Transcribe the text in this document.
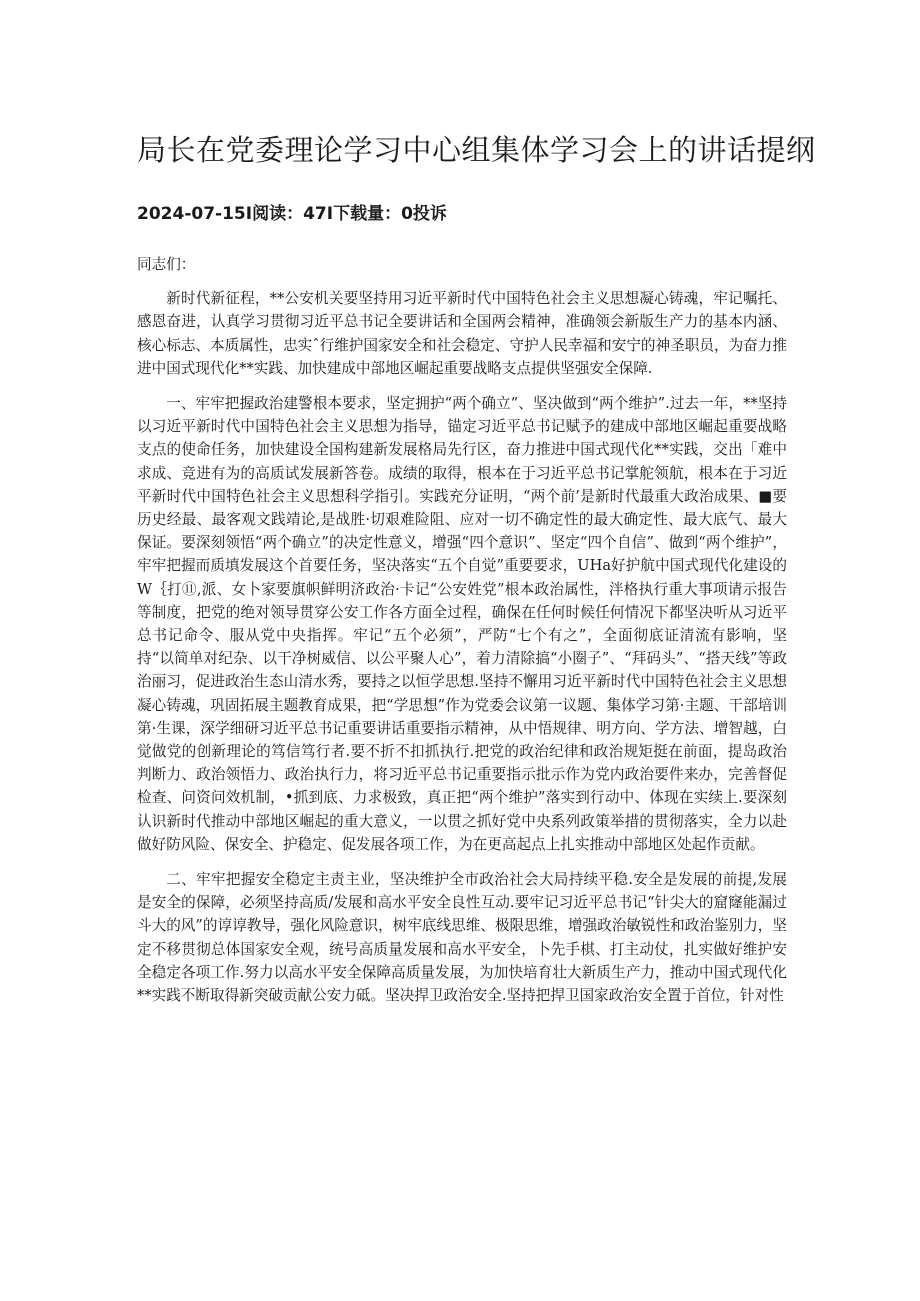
局长在党委理论学习中心组集体学习会上的讲话提纲
2024-07-15I阅读：47I下载量：0投诉

同志们：

新时代新征程，**公安机关要坚持用习近平新时代中国特色社会主义思想凝心铸魂，牢记嘱托、感恩奋进，认真学习贯彻习近平总书记全要讲话和全国两会精神，准确领会新版生产力的基本内涵、核心标志、本质属性，忠实ˆ行维护国家安全和社会稳定、守护人民幸福和安宁的神圣职员，为奋力推进中国式现代化**实践、加快建成中部地区崛起重要战略支点提供坚强安全保障.

一、牢牢把握政治建警根本要求，坚定拥护“两个确立”、坚决做到“两个维护”.过去一年，**坚持以习近平新时代中国特色社会主义思想为指导，锚定习近平总书记赋予的建成中部地区崛起重要战略支点的使命任务，加快建设全国构建新发展格局先行区，奋力推进中国式现代化**实践，交出「难中求成、竞进有为的高质试发展新答卷。成绩的取得，根本在于习近平总书记掌舵领航，根本在于习近平新时代中国特色社会主义思想科学指引。实践充分证明，“两个前’是新时代最重大政治成果、■要历史经最、最客观文践靖论,是战胜·切艰难险阻、应对一切不确定性的最大确定性、最大底气、最大保证。要深刻领悟“两个确立”的决定性意义，增强“四个意识”、坚定“四个自信”、做到“两个维护”，牢牢把握而质填发展这个首要任务，坚决落实“五个自觉”重要要求，UHa好护航中国式现代化建设的W｛打⑪,派、女卜家要旗帜鲜明济政治·卡记“公安姓党”根本政治属性，泮格执行重大事项请示报告等制度，把党的绝对领导贯穿公安工作各方面全过程，确保在任何时候任何情况下都坚决听从习近平总书记命令、服从党中央指挥。牢记“五个必须”，严防“七个有之”，全面彻底证清流有影响，坚持“以简单对纪杂、以干净树威信、以公平聚人心”，着力清除搞“小圈子”、“拜码头”、“搭天线”等政治丽习，促进政治生态山清水秀，要持之以恒学思想.坚持不懈用习近平新时代中国特色社会主义思想凝心铸魂，巩固拓展主题教育成果，把“学思想”作为党委会议第一议题、集体学习第·主题、干部培训第·生课，深学细研习近平总书记重要讲话重要指示精神，从中悟规律、明方向、学方法、增智越，白觉做党的创新理论的笃信笃行者.要不折不扣抓执行.把党的政治纪律和政治规矩挺在前面，提岛政治判断力、政治领悟力、政治执行力，将习近平总书记重要指示批示作为党内政治要件来办，完善督促检查、问资问效机制，•抓到底、力求极致，真正把“两个维护”落实到行动中、体现在实续上.要深刻认识新时代推动中部地区崛起的重大意义，一以贯之抓好党中央系列政策举措的贯彻落实，全力以赴做好防风险、保安全、护稳定、促发展各项工作，为在更高起点上扎实推动中部地区处起作贡献。

二、牢牢把握安全稳定主责主业，坚决维护全市政治社会大局持续平稳.安全是发展的前提,发展是安全的保障，必须坚持高质/发展和高水平安全良性互动.要牢记习近平总书记“针尖大的窟窿能漏过斗大的风”的谆谆教导，强化风险意识，树牢底线思维、极限思维，增强政治敏锐性和政治鉴别力，坚定不移贯彻总体国家安全观，统号高质量发展和高水平安全，卜先手棋、打主动仗，扎实做好维护安全稳定各项工作.努力以高水平安全保障高质量发展，为加快培育壮大新质生产力，推动中国式现代化**实践不断取得新突破贡献公安力砥。坚决捍卫政治安全.坚持把捍卫国家政治安全置于首位，针对性
